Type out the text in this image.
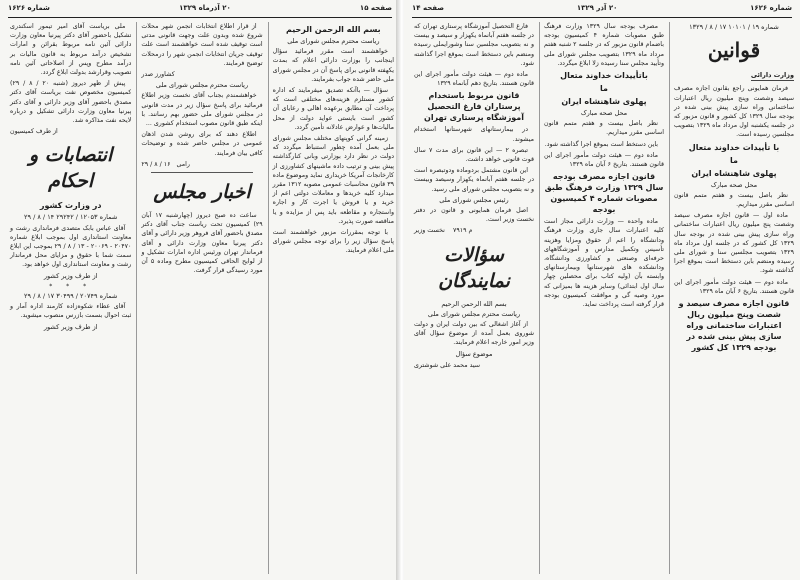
صفحه ۱۵
۲۰ آذرماه ۱۳۲۹
شماره ۱۶۲۶
بسم الله الرحمن الرحیم
ریاست محترم مجلس شورای ملی

خواهشمند است مقرر فرمائید سؤال اینجانب را بوزارت دارائی اعلام که بمدت یکهفته قانونی برای پاسخ آن در مجلس شورای ملی حاضر شده جواب بفرمایند.

سؤال — باآنکه تصدیق میفرمایند که اداره کشور مستلزم هزینه‌های مختلفی است که پرداخت آن مطابق برعهده اهالی و رعایای آن کشور است بایستی عواید دولت از محل مالیات‌ها و عوارض عادلانه تأمین گردد.

زمینه گرانی کوپنهای مختلف مجلس شورای ملی بعمل آمده چطور استنباط میگردد که دولت در نظر دارد بوزارتی وبانی کنارگذاشته پیش بینی و ترتیب داده ماشینهای کشاورزی از کارخانجات آمریکا خریداری نماید وموضوع ماده ۳۹ قانون محاسبات عمومی مصوبه ۱۳۱۲ مقرر میدارد کلیه خریدها و معاملات دولتی اعم از خرید و یا فروش یا اجرت کار و اجاره واستجاره و مقاطعه باید پس از مزایده و یا مناقصه صورت پذیرد.

با توجه بمقررات مزبور خواهشمند است پاسخ سؤال زیر را برای توجه مجلس شورای ملی اعلام فرمایند.

از قرار اطلاع انتخابات انجمن شهر محلات شروع شده وبدون علت وجهت قانونی مدتی است توقیف شده است خواهشمند است علت توقیف جریان انتخابات انجمن شهر را درمحلات توضیح فرمایند.

کشاورز صدر
ریاست محترم مجلس شورای ملی

خواهشمندم بجناب آقای نخست وزیر اطلاع فرمائید برای پاسخ سؤال زیر در مدت قانونی در مجلس شورای ملی حضور بهم رسانند. با اینکه طبق قانون مصوب استخدام کشوری ...

اطلاع دهند که برای روشن شدن اذهان عمومی در مجلس حاضر شده و توضیحات کافی بیان فرمایند.

رامی   ۱۶ / ۸ / ۲۹
اخبار مجلس

ساعت ده صبح دیروز (چهارشنبه ۱۷ آبان ۲۹) کمیسیون تحت ریاست جناب آقای دکتر مصدق باحضور آقای فروهر وزیر دارائی و آقای دکتر پیرنیا معاون وزارت دارائی و آقای فرماندار تهران ورئیس اداره امارات تشکیل و از لوایح الحاقی کمیسیون مطرح وماده ۵ آن مورد رسیدگی قرار گرفت.

ملی بریاست آقای امیر تیمور اسکندری تشکیل باحضور آقای دکتر پیرنیا معاون وزارت دارائی آئین نامه مربوط بقرائن و امارات تشخیص درآمد مربوط به قانون مالیات بر درآمد مطرح وپس از اصلاحاتی آئین نامه تصویب وقرارشد بدولت ابلاغ گردد.

پیش از ظهر دیروز (شنبه ۲۰ / ۸ / ۲۹) کمیسیون مخصوص نفت بریاست آقای دکتر مصدق باحضور آقای وزیر دارائی و آقای دکتر پیرنیا معاون وزارت دارائی تشکیل و درباره لایحه نفت مذاکره شد.

از طرف کمیسیون
انتصابات و احکام
در وزارت کشور
شماره ۱۲۰۵۳ / ۲۹۲۴۲ ۱۴ / ۸ / ۲۹

آقای عباس بابک متصدی فرمانداری رشت و معاونت استانداری اول بموجب ابلاغ شماره ۲۰۴۷۰ - ۲۰۰۶۹ - ۱۳ / ۸ / ۲۹ بموجب این ابلاغ سمت شما با حقوق و مزایای محل فرماندار رشت و معاونت استانداری اول خواهد بود.

از طرف وزیر کشور
* * *
شماره ۲۰۷۴۹ / ۳۰۴۹۹ ۱۷ / ۸ / ۲۹

آقای عطاء شکوه‌زاده کارمند اداره آمار و ثبت احوال بسمت بازرس منصوب میشوید.

از طرف وزیر کشور
شماره ۱۶۲۶
۲۰ آذر ۱۳۲۹
صفحه ۱۴
شماره ۱۹ / ۱۰۱۰۱ ۱۷ / ۸ / ۱۳۲۹
قوانین
وزارت دارائی

فرمان همایونی راجع بقانون اجازه مصرف سیصد وشصت وپنج میلیون ریال اعتبارات ساختمانی وراه سازی پیش بینی شده در بودجه سال ۱۳۲۹ کل کشور و قانون مزبور که در جلسه یکشنبه اول مرداد ماه ۱۳۲۹ بتصویب مجلسین رسیده است.

با تأییدات خداوند متعال
ما
پهلوی شاهنشاه ایران
محل صحه مبارک

نظر باصل بیست و هفتم متمم قانون اساسی مقرر میداریم.

ماده اول — قانون اجازه مصرف سیصد وشصت پنج میلیون ریال اعتبارات ساختمانی وراه سازی پیش بینی شده در بودجه سال ۱۳۲۹ کل کشور که در جلسه اول مرداد ماه ۱۳۲۹ بتصویب مجلسین سنا و شورای ملی رسیده ومنضم باین دستخط است بموقع اجرا گذاشته شود.

ماده دوم — هیئت دولت مأمور اجرای این قانون هستند. بتاریخ ۶ آبان ماه ۱۳۲۹

قانون اجازه مصرف سیصد و شصت وپنج میلیون ریال اعتبارات ساختمانی وراه سازی پیش بینی شده در بودجه ۱۳۲۹ کل کشور

مصرف بودجه سال ۱۳۲۹ وزارت فرهنگ طبق مصوبات شماره ۴ کمیسیون بودجه باضمام قانون مزبور که در جلسه ۲ شنبه هفتم مرداد ماه ۱۳۲۹ بتصویب مجلس شورای ملی وتأیید مجلس سنا رسیده زلا ابلاغ میگردد.

باتأییدات خداوند متعال
ما
پهلوی شاهنشاه ایران
محل صحه مبارک

نظر باصل بیست و هفتم متمم قانون اساسی مقرر میداریم.

باین دستخط است بموقع اجرا گذاشته شود.

ماده دوم — هیئت دولت مأمور اجرای این قانون هستند. بتاریخ ۶ آبان ماه ۱۳۲۹

قانون اجازه مصرف بودجه سال ۱۳۲۹ وزارت فرهنگ طبق مصوبات شماره ۴ کمیسیون بودجه

ماده واحده — وزارت دارائی مجاز است کلیه اعتبارات سال جاری وزارت فرهنگ ودانشگاه را اعم از حقوق ومزایا وهزینه تأسیس وتکمیل مدارس و آموزشگاههای حرفه‌ای وصنعتی و کشاورزی ودانشگاه، ودانشکده های شهرستانها وبیمارستانهای وابسته بآن (ولیه کتاب برای محصلین چهار سال اول ابتدائی) وسایر هزینه ها بمیزانی که مورد وصیه گی و موافقت کمیسیون بودجه قرار گرفته است پرداخت نماید.

فارغ التحصیل آموزشگاه پرستاری تهران که در جلسه هفتم آبانماه یکهزار و سیصد و بیست و نه بتصویب مجلسین سنا وشورایملی رسیده ومنضم باین دستخط است بموقع اجرا گذاشته شود.

ماده دوم — هیئت دولت مأمور اجرای این قانون هستند. بتاریخ دهم آبانماه ۱۳۲۹

قانون مربوط باستخدام پرستاران فارغ التحصیل آموزشگاه پرستاری تهران

در بیمارستانهای شهرستانها استخدام میشوند.

تبصره ۲ — این قانون برای مدت ۷ سال قوت قانونی خواهد داشت.

این قانون مشتمل بردوماده ودوتبصره است در جلسه هفتم آبانماه یکهزار وسیصد وبیست و نه بتصویب مجلس شورای ملی رسید.

رئیس مجلس شورای ملی

اصل فرمان همایونی و قانون در دفتر نخست وزیر است.

م ۷۹۱۹    نخست وزیر
سؤالات نمایندگان
بسم الله الرحمن الرحیم
ریاست محترم مجلس شورای ملی

از آغاز اشغالی که بین دولت ایران و دولت شوروی بعمل آمده از موضوع سؤال آقای وزیر امور خارجه اعلام فرمایند.

موضوع سؤال
سید محمد علی شوشتری
